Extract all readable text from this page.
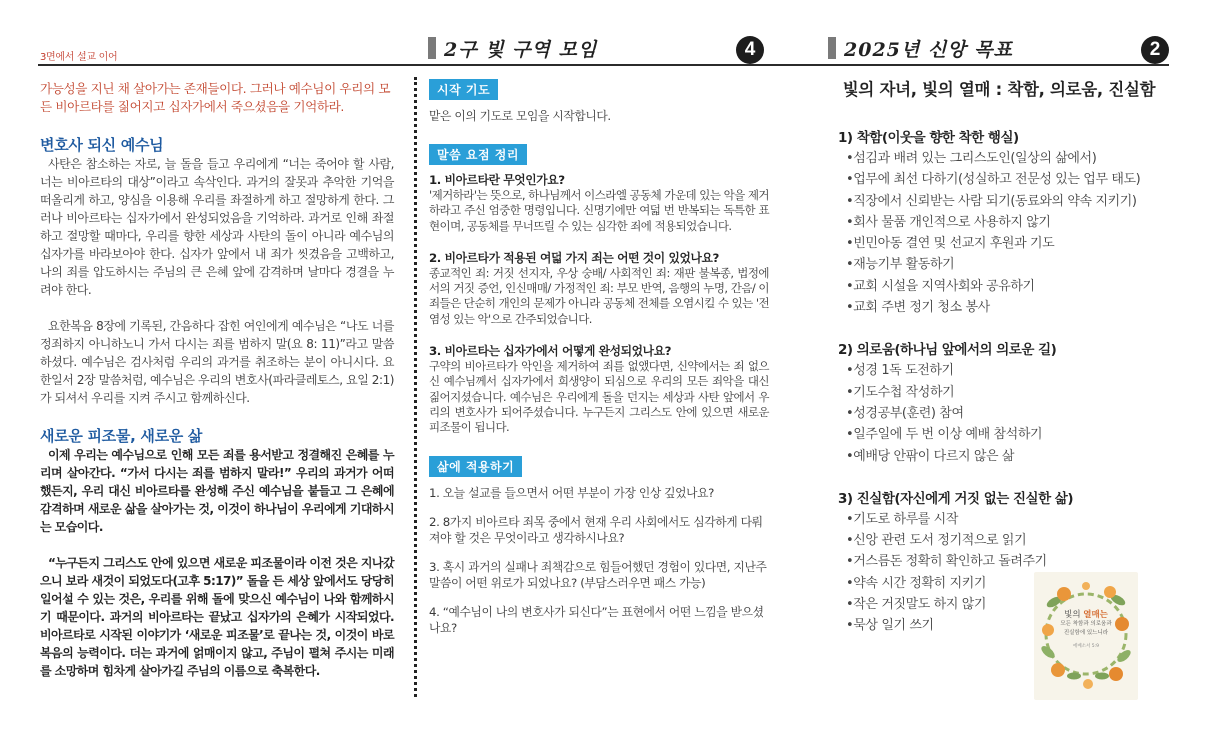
3면에서 설교 이어	2구 빛 구역 모임	4	2025년 신앙 목표	2
가능성을 지닌 채 살아가는 존재들이다. 그러나 예수님이 우리의 모든 비아르타를 짊어지고 십자가에서 죽으셨음을 기억하라.
변호사 되신 예수님
사탄은 참소하는 자로, 늘 돌을 들고 우리에게 “너는 죽어야 할 사람, 너는 비아르타의 대상”이라고 속삭인다. 과거의 잘못과 추악한 기억을 떠올리게 하고, 양심을 이용해 우리를 좌절하게 하고 절망하게 한다. 그러나 비아르타는 십자가에서 완성되었음을 기억하라. 과거로 인해 좌절하고 절망할 때마다, 우리를 향한 세상과 사탄의 돌이 아니라 예수님의 십자가를 바라보아야 한다. 십자가 앞에서 내 죄가 씻겼음을 고백하고, 나의 죄를 압도하시는 주님의 큰 은혜 앞에 감격하며 날마다 경결을 누려야 한다.
요한복음 8장에 기록된, 간음하다 잡힌 여인에게 예수님은 “나도 너를 정죄하지 아니하노니 가서 다시는 죄를 범하지 말(요 8: 11)”라고 말씀하셨다. 예수님은 검사처럼 우리의 과거를 취조하는 분이 아니시다. 요한일서 2장 말씀처럼, 예수님은 우리의 변호사(파라클레토스, 요일 2:1)가 되셔서 우리를 지켜 주시고 함께하신다.
새로운 피조물, 새로운 삶
이제 우리는 예수님으로 인해 모든 죄를 용서받고 정결해진 은혜를 누리며 살아간다. “가서 다시는 죄를 범하지 말라!” 우리의 과거가 어떠했든지, 우리 대신 비아르타를 완성해 주신 예수님을 붙들고 그 은혜에 감격하며 새로운 삶을 살아가는 것, 이것이 하나님이 우리에게 기대하시는 모습이다.
“누구든지 그리스도 안에 있으면 새로운 피조물이라 이전 것은 지나갔으니 보라 새것이 되었도다(고후 5:17)” 돌을 든 세상 앞에서도 당당히 일어설 수 있는 것은, 우리를 위해 돌에 맞으신 예수님이 나와 함께하시기 때문이다. 과거의 비아르타는 끝났고 십자가의 은혜가 시작되었다. 비아르타로 시작된 이야기가 ‘새로운 피조물’로 끝나는 것, 이것이 바로 복음의 능력이다. 더는 과거에 얽매이지 않고, 주님이 펼쳐 주시는 미래를 소망하며 힘차게 살아가길 주님의 이름으로 축복한다.
시작 기도
맡은 이의 기도로 모임을 시작합니다.
말씀 요점 정리
1. 비아르타란 무엇인가요?
'제거하라'는 뜻으로, 하나님께서 이스라엘 공동체 가운데 있는 악을 제거하라고 주신 엄중한 명령입니다. 신명기에만 여덟 번 반복되는 독특한 표현이며, 공동체를 무너뜨릴 수 있는 심각한 죄에 적용되었습니다.
2. 비아르타가 적용된 여덟 가지 죄는 어떤 것이 있었나요?
종교적인 죄: 거짓 선지자, 우상 숭배/ 사회적인 죄: 재판 불복종, 법정에서의 거짓 증언, 인신매매/ 가정적인 죄: 부모 반역, 음행의 누명, 간음/ 이 죄들은 단순히 개인의 문제가 아니라 공동체 전체를 오염시킬 수 있는 '전염성 있는 악'으로 간주되었습니다.
3. 비아르타는 십자가에서 어떻게 완성되었나요?
구약의 비아르타가 악인을 제거하여 죄를 없앴다면, 신약에서는 죄 없으신 예수님께서 십자가에서 희생양이 되심으로 우리의 모든 죄악을 대신 짊어지셨습니다. 예수님은 우리에게 돌을 던지는 세상과 사탄 앞에서 우리의 변호사가 되어주셨습니다. 누구든지 그리스도 안에 있으면 새로운 피조물이 됩니다.
삶에 적용하기
1. 오늘 설교를 들으면서 어떤 부분이 가장 인상 깊었나요?
2. 8가지 비아르타 죄목 중에서 현재 우리 사회에서도 심각하게 다뤄져야 할 것은 무엇이라고 생각하시나요?
3. 혹시 과거의 실패나 죄책감으로 힘들어했던 경험이 있다면, 지난주 말씀이 어떤 위로가 되었나요? (부담스러우면 패스 가능)
4. “예수님이 나의 변호사가 되신다”는 표현에서 어떤 느낌을 받으셨나요?
빛의 자녀, 빛의 열매 : 착함, 의로움, 진실함
1) 착함(이웃을 향한 착한 행실)
•섬김과 배려 있는 그리스도인(일상의 삶에서)
•업무에 최선 다하기(성실하고 전문성 있는 업무 태도)
•직장에서 신뢰받는 사람 되기(동료와의 약속 지키기)
•회사 물품 개인적으로 사용하지 않기
•빈민아동 결연 및 선교지 후원과 기도
•재능기부 활동하기
•교회 시설을 지역사회와 공유하기
•교회 주변 정기 청소 봉사
2) 의로움(하나님 앞에서의 의로운 길)
•성경 1독 도전하기
•기도수첩 작성하기
•성경공부(훈련) 참여
•일주일에 두 번 이상 예배 참석하기
•예배당 안팎이 다르지 않은 삶
3) 진실함(자신에게 거짓 없는 진실한 삶)
•기도로 하루를 시작
•신앙 관련 도서 정기적으로 읽기
•거스름돈 정확히 확인하고 돌려주기
•약속 시간 정확히 지키기
•작은 거짓말도 하지 않기
•묵상 일기 쓰기
빛의 열매는
모든 착함과 의로움과
진실함에 있느니라
에베소서 5:9
